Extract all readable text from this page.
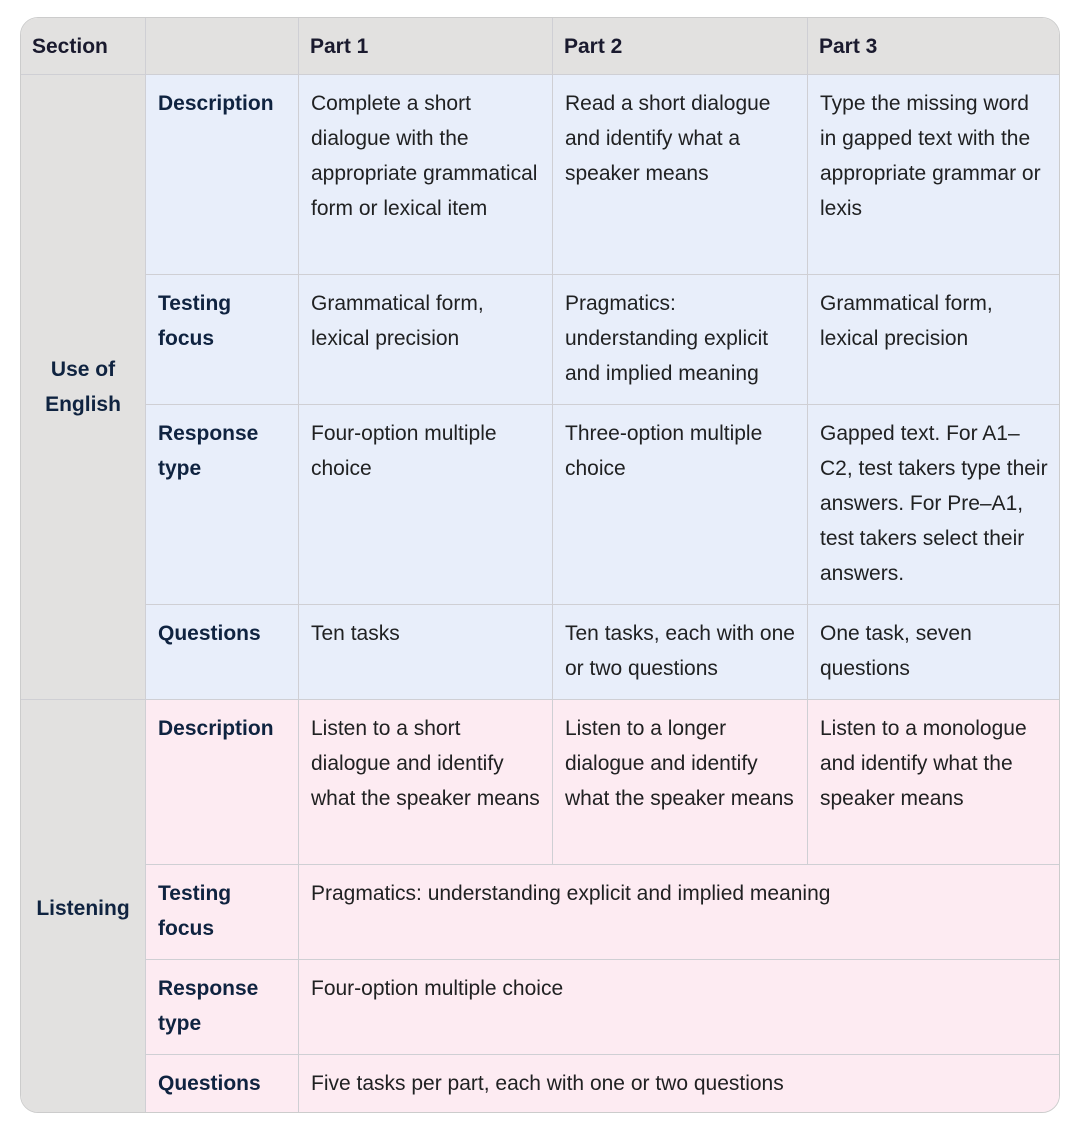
Section		Part 1	Part 2	Part 3
Use of English	Description	Complete a short dialogue with the appropriate grammatical form or lexical item	Read a short dialogue and identify what a speaker means	Type the missing word in gapped text with the appropriate grammar or lexis
	Testing focus	Grammatical form, lexical precision	Pragmatics: understanding explicit and implied meaning	Grammatical form, lexical precision
	Response type	Four-option multiple choice	Three-option multiple choice	Gapped text. For A1–C2, test takers type their answers. For Pre–A1, test takers select their answers.
	Questions	Ten tasks	Ten tasks, each with one or two questions	One task, seven questions
Listening	Description	Listen to a short dialogue and identify what the speaker means	Listen to a longer dialogue and identify what the speaker means	Listen to a monologue and identify what the speaker means
	Testing focus	Pragmatics: understanding explicit and implied meaning		
	Response type	Four-option multiple choice		
	Questions	Five tasks per part, each with one or two questions		
